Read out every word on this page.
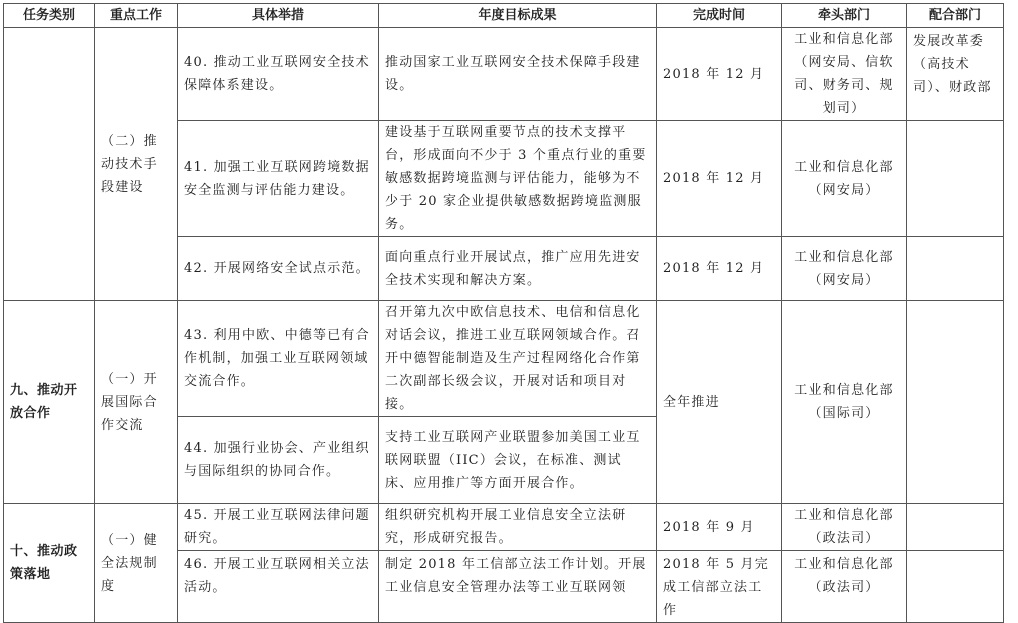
任务类别	重点工作	具体举措	年度目标成果	完成时间	牵头部门	配合部门
	（二）推动技术手段建设	40. 推动工业互联网安全技术保障体系建设。	推动国家工业互联网安全技术保障手段建设。	2018 年 12 月	工业和信息化部（网安局、信软司、财务司、规划司）	发展改革委（高技术司）、财政部
		41. 加强工业互联网跨境数据安全监测与评估能力建设。	建设基于互联网重要节点的技术支撑平台，形成面向不少于 3 个重点行业的重要敏感数据跨境监测与评估能力，能够为不少于 20 家企业提供敏感数据跨境监测服务。	2018 年 12 月	工业和信息化部（网安局）	
		42. 开展网络安全试点示范。	面向重点行业开展试点，推广应用先进安全技术实现和解决方案。	2018 年 12 月	工业和信息化部（网安局）	
九、推动开放合作	（一）开展国际合作交流	43. 利用中欧、中德等已有合作机制，加强工业互联网领域交流合作。	召开第九次中欧信息技术、电信和信息化对话会议，推进工业互联网领域合作。召开中德智能制造及生产过程网络化合作第二次副部长级会议，开展对话和项目对接。	全年推进	工业和信息化部（国际司）	
		44. 加强行业协会、产业组织与国际组织的协同合作。	支持工业互联网产业联盟参加美国工业互联网联盟（IIC）会议，在标准、测试床、应用推广等方面开展合作。			
十、推动政策落地	（一）健全法规制度	45. 开展工业互联网法律问题研究。	组织研究机构开展工业信息安全立法研究，形成研究报告。	2018 年 9 月	工业和信息化部（政法司）	
		46. 开展工业互联网相关立法活动。	制定 2018 年工信部立法工作计划。开展工业信息安全管理办法等工业互联网领	2018 年 5 月完成工信部立法工作	工业和信息化部（政法司）	
